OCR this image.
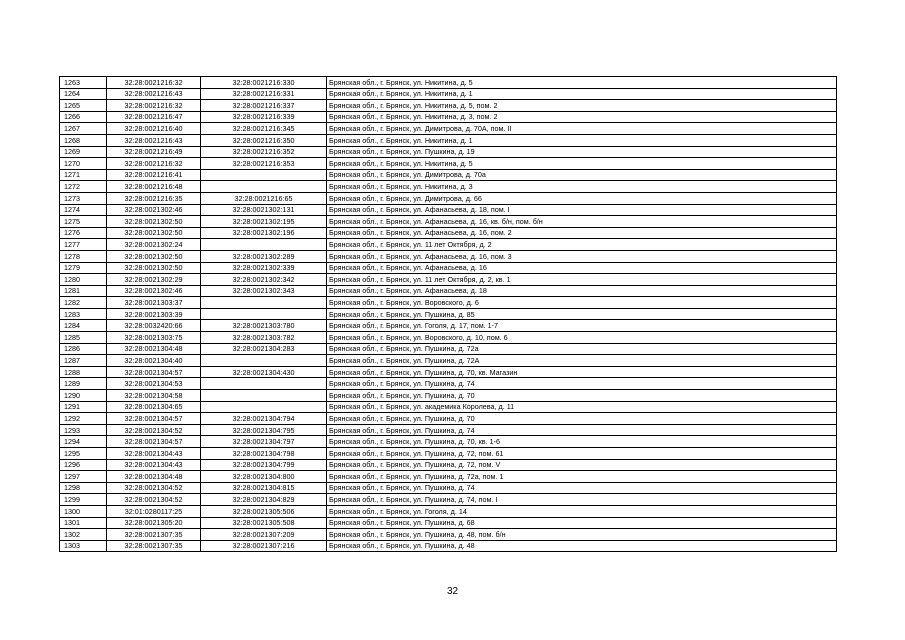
1263	32:28:0021216:32	32:28:0021216:330	Брянская обл., г. Брянск, ул. Никитина, д. 5
1264	32:28:0021216:43	32:28:0021216:331	Брянская обл., г. Брянск, ул. Никитина, д. 1
1265	32:28:0021216:32	32:28:0021216:337	Брянская обл., г. Брянск, ул. Никитина, д. 5, пом. 2
1266	32:28:0021216:47	32:28:0021216:339	Брянская обл., г. Брянск, ул. Никитина, д. 3, пом. 2
1267	32:28:0021216:40	32:28:0021216:345	Брянская обл., г. Брянск, ул. Димитрова, д. 70А, пом. II
1268	32:28:0021216:43	32:28:0021216:350	Брянская обл., г. Брянск, ул. Никитина, д. 1
1269	32:28:0021216:49	32:28:0021216:352	Брянская обл., г. Брянск, ул. Пушкина, д. 19
1270	32:28:0021216:32	32:28:0021216:353	Брянская обл., г. Брянск, ул. Никитина, д. 5
1271	32:28:0021216:41		Брянская обл., г. Брянск, ул. Димитрова, д. 70а
1272	32:28:0021216:48		Брянская обл., г. Брянск, ул. Никитина, д. 3
1273	32:28:0021216:35	32:28:0021216:65	Брянская обл., г. Брянск, ул. Димитрова, д. 66
1274	32:28:0021302:46	32:28:0021302:131	Брянская обл., г. Брянск, ул. Афанасьева, д. 18, пом. I
1275	32:28:0021302:50	32:28:0021302:195	Брянская обл., г. Брянск, ул. Афанасьева, д. 16, кв. б/н, пом. б/н
1276	32:28:0021302:50	32:28:0021302:196	Брянская обл., г. Брянск, ул. Афанасьева, д. 16, пом. 2
1277	32:28:0021302:24		Брянская обл., г. Брянск, ул. 11 лет Октября, д. 2
1278	32:28:0021302:50	32:28:0021302:289	Брянская обл., г. Брянск, ул. Афанасьева, д. 16, пом. 3
1279	32:28:0021302:50	32:28:0021302:339	Брянская обл., г. Брянск, ул. Афанасьева, д. 16
1280	32:28:0021302:29	32:28:0021302:342	Брянская обл., г. Брянск, ул. 11 лет Октября, д. 2, кв. 1
1281	32:28:0021302:46	32:28:0021302:343	Брянская обл., г. Брянск, ул. Афанасьева, д. 18
1282	32:28:0021303:37		Брянская обл., г. Брянск, ул. Воровского, д. 6
1283	32:28:0021303:39		Брянская обл., г. Брянск, ул. Пушкина, д. 85
1284	32:28:0032420:66	32:28:0021303:780	Брянская обл., г. Брянск, ул. Гоголя, д. 17, пом. 1-7
1285	32:28:0021303:75	32:28:0021303:782	Брянская обл., г. Брянск, ул. Воровского, д. 10, пом. 6
1286	32:28:0021304:48	32:28:0021304:283	Брянская обл., г. Брянск, ул. Пушкина, д. 72а
1287	32:28:0021304:40		Брянская обл., г. Брянск, ул. Пушкина, д. 72А
1288	32:28:0021304:57	32:28:0021304:430	Брянская обл., г. Брянск, ул. Пушкина, д. 70, кв. Магазин
1289	32:28:0021304:53		Брянская обл., г. Брянск, ул. Пушкина, д. 74
1290	32:28:0021304:58		Брянская обл., г. Брянск, ул. Пушкина, д. 70
1291	32:28:0021304:65		Брянская обл., г. Брянск, ул. академика Королева, д. 11
1292	32:28:0021304:57	32:28:0021304:794	Брянская обл., г. Брянск, ул. Пушкина, д. 70
1293	32:28:0021304:52	32:28:0021304:795	Брянская обл., г. Брянск, ул. Пушкина, д. 74
1294	32:28:0021304:57	32:28:0021304:797	Брянская обл., г. Брянск, ул. Пушкина, д. 70, кв. 1-6
1295	32:28:0021304:43	32:28:0021304:798	Брянская обл., г. Брянск, ул. Пушкина, д. 72, пом. 61
1296	32:28:0021304:43	32:28:0021304:799	Брянская обл., г. Брянск, ул. Пушкина, д. 72, пом. V
1297	32:28:0021304:48	32:28:0021304:800	Брянская обл., г. Брянск, ул. Пушкина, д. 72а, пом. 1
1298	32:28:0021304:52	32:28:0021304:815	Брянская обл., г. Брянск, ул. Пушкина, д. 74
1299	32:28:0021304:52	32:28:0021304:829	Брянская обл., г. Брянск, ул. Пушкина, д. 74, пом. I
1300	32:01:0280117:25	32:28:0021305:506	Брянская обл., г. Брянск, ул. Гоголя, д. 14
1301	32:28:0021305:20	32:28:0021305:508	Брянская обл., г. Брянск, ул. Пушкина, д. 68
1302	32:28:0021307:35	32:28:0021307:209	Брянская обл., г. Брянск, ул. Пушкина, д. 48, пом. б/н
1303	32:28:0021307:35	32:28:0021307:216	Брянская обл., г. Брянск, ул. Пушкина, д. 48
32
